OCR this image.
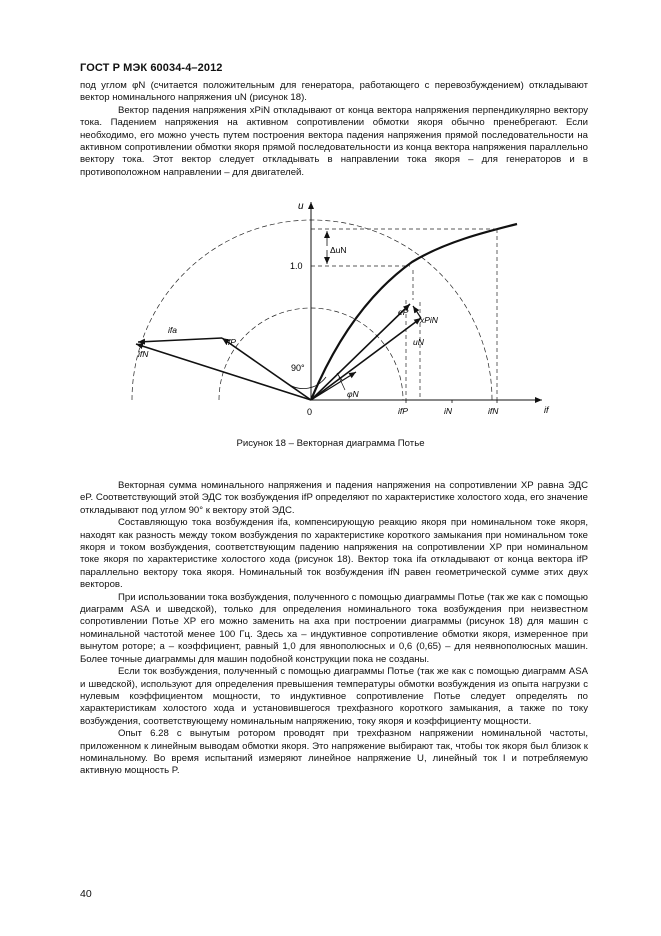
ГОСТ Р МЭК 60034-4–2012

под углом φN (считается положительным для генератора, работающего с перевозбуждением) откладывают вектор номинального напряжения uN (рисунок 18).

Вектор падения напряжения xPiN откладывают от конца вектора напряжения перпендикулярно вектору тока. Падением напряжения на активном сопротивлении обмотки якоря обычно пренебрегают. Если необходимо, его можно учесть путем построения вектора падения напряжения прямой последовательности на активном сопротивлении обмотки якоря прямой последовательности из конца вектора напряжения параллельно вектору тока. Этот вектор следует откладывать в направлении тока якоря – для генераторов и в противоположном направлении – для двигателей.

u
if
1.0
ΔuN
eP
xPiN
uN
ifa
ifN
ifP
90°
φN
0	ifP	iN	ifN
Рисунок 18 – Векторная диаграмма Потье

Векторная сумма номинального напряжения и падения напряжения на сопротивлении XP равна ЭДС eP. Соответствующий этой ЭДС ток возбуждения ifP определяют по характеристике холостого хода, его значение откладывают под углом 90° к вектору этой ЭДС.

Составляющую тока возбуждения ifa, компенсирующую реакцию якоря при номинальном токе якоря, находят как разность между током возбуждения по характеристике короткого замыкания при номинальном токе якоря и током возбуждения, соответствующим падению напряжения на сопротивлении XP при номинальном токе якоря по характеристике холостого хода (рисунок 18). Вектор тока ifa откладывают от конца вектора ifP параллельно вектору тока якоря. Номинальный ток возбуждения ifN равен геометрической сумме этих двух векторов.

При использовании тока возбуждения, полученного с помощью диаграммы Потье (так же как с помощью диаграмм ASA и шведской), только для определения номинального тока возбуждения при неизвестном сопротивлении Потье XP его можно заменить на axa при построении диаграммы (рисунок 18) для машин с номинальной частотой менее 100 Гц. Здесь xa – индуктивное сопротивление обмотки якоря, измеренное при вынутом роторе; a – коэффициент, равный 1,0 для явнополюсных и 0,6 (0,65) – для неявнополюсных машин. Более точные диаграммы для машин подобной конструкции пока не созданы.

Если ток возбуждения, полученный с помощью диаграммы Потье (так же как с помощью диаграмм ASA и шведской), используют для определения превышения температуры обмотки возбуждения из опыта нагрузки с нулевым коэффициентом мощности, то индуктивное сопротивление Потье следует определять по характеристикам холостого хода и установившегося трехфазного короткого замыкания, а также по току возбуждения, соответствующему номинальным напряжению, току якоря и коэффициенту мощности.

Опыт 6.28 с вынутым ротором проводят при трехфазном напряжении номинальной частоты, приложенном к линейным выводам обмотки якоря. Это напряжение выбирают так, чтобы ток якоря был близок к номинальному. Во время испытаний измеряют линейное напряжение U, линейный ток I и потребляемую активную мощность P.

40
